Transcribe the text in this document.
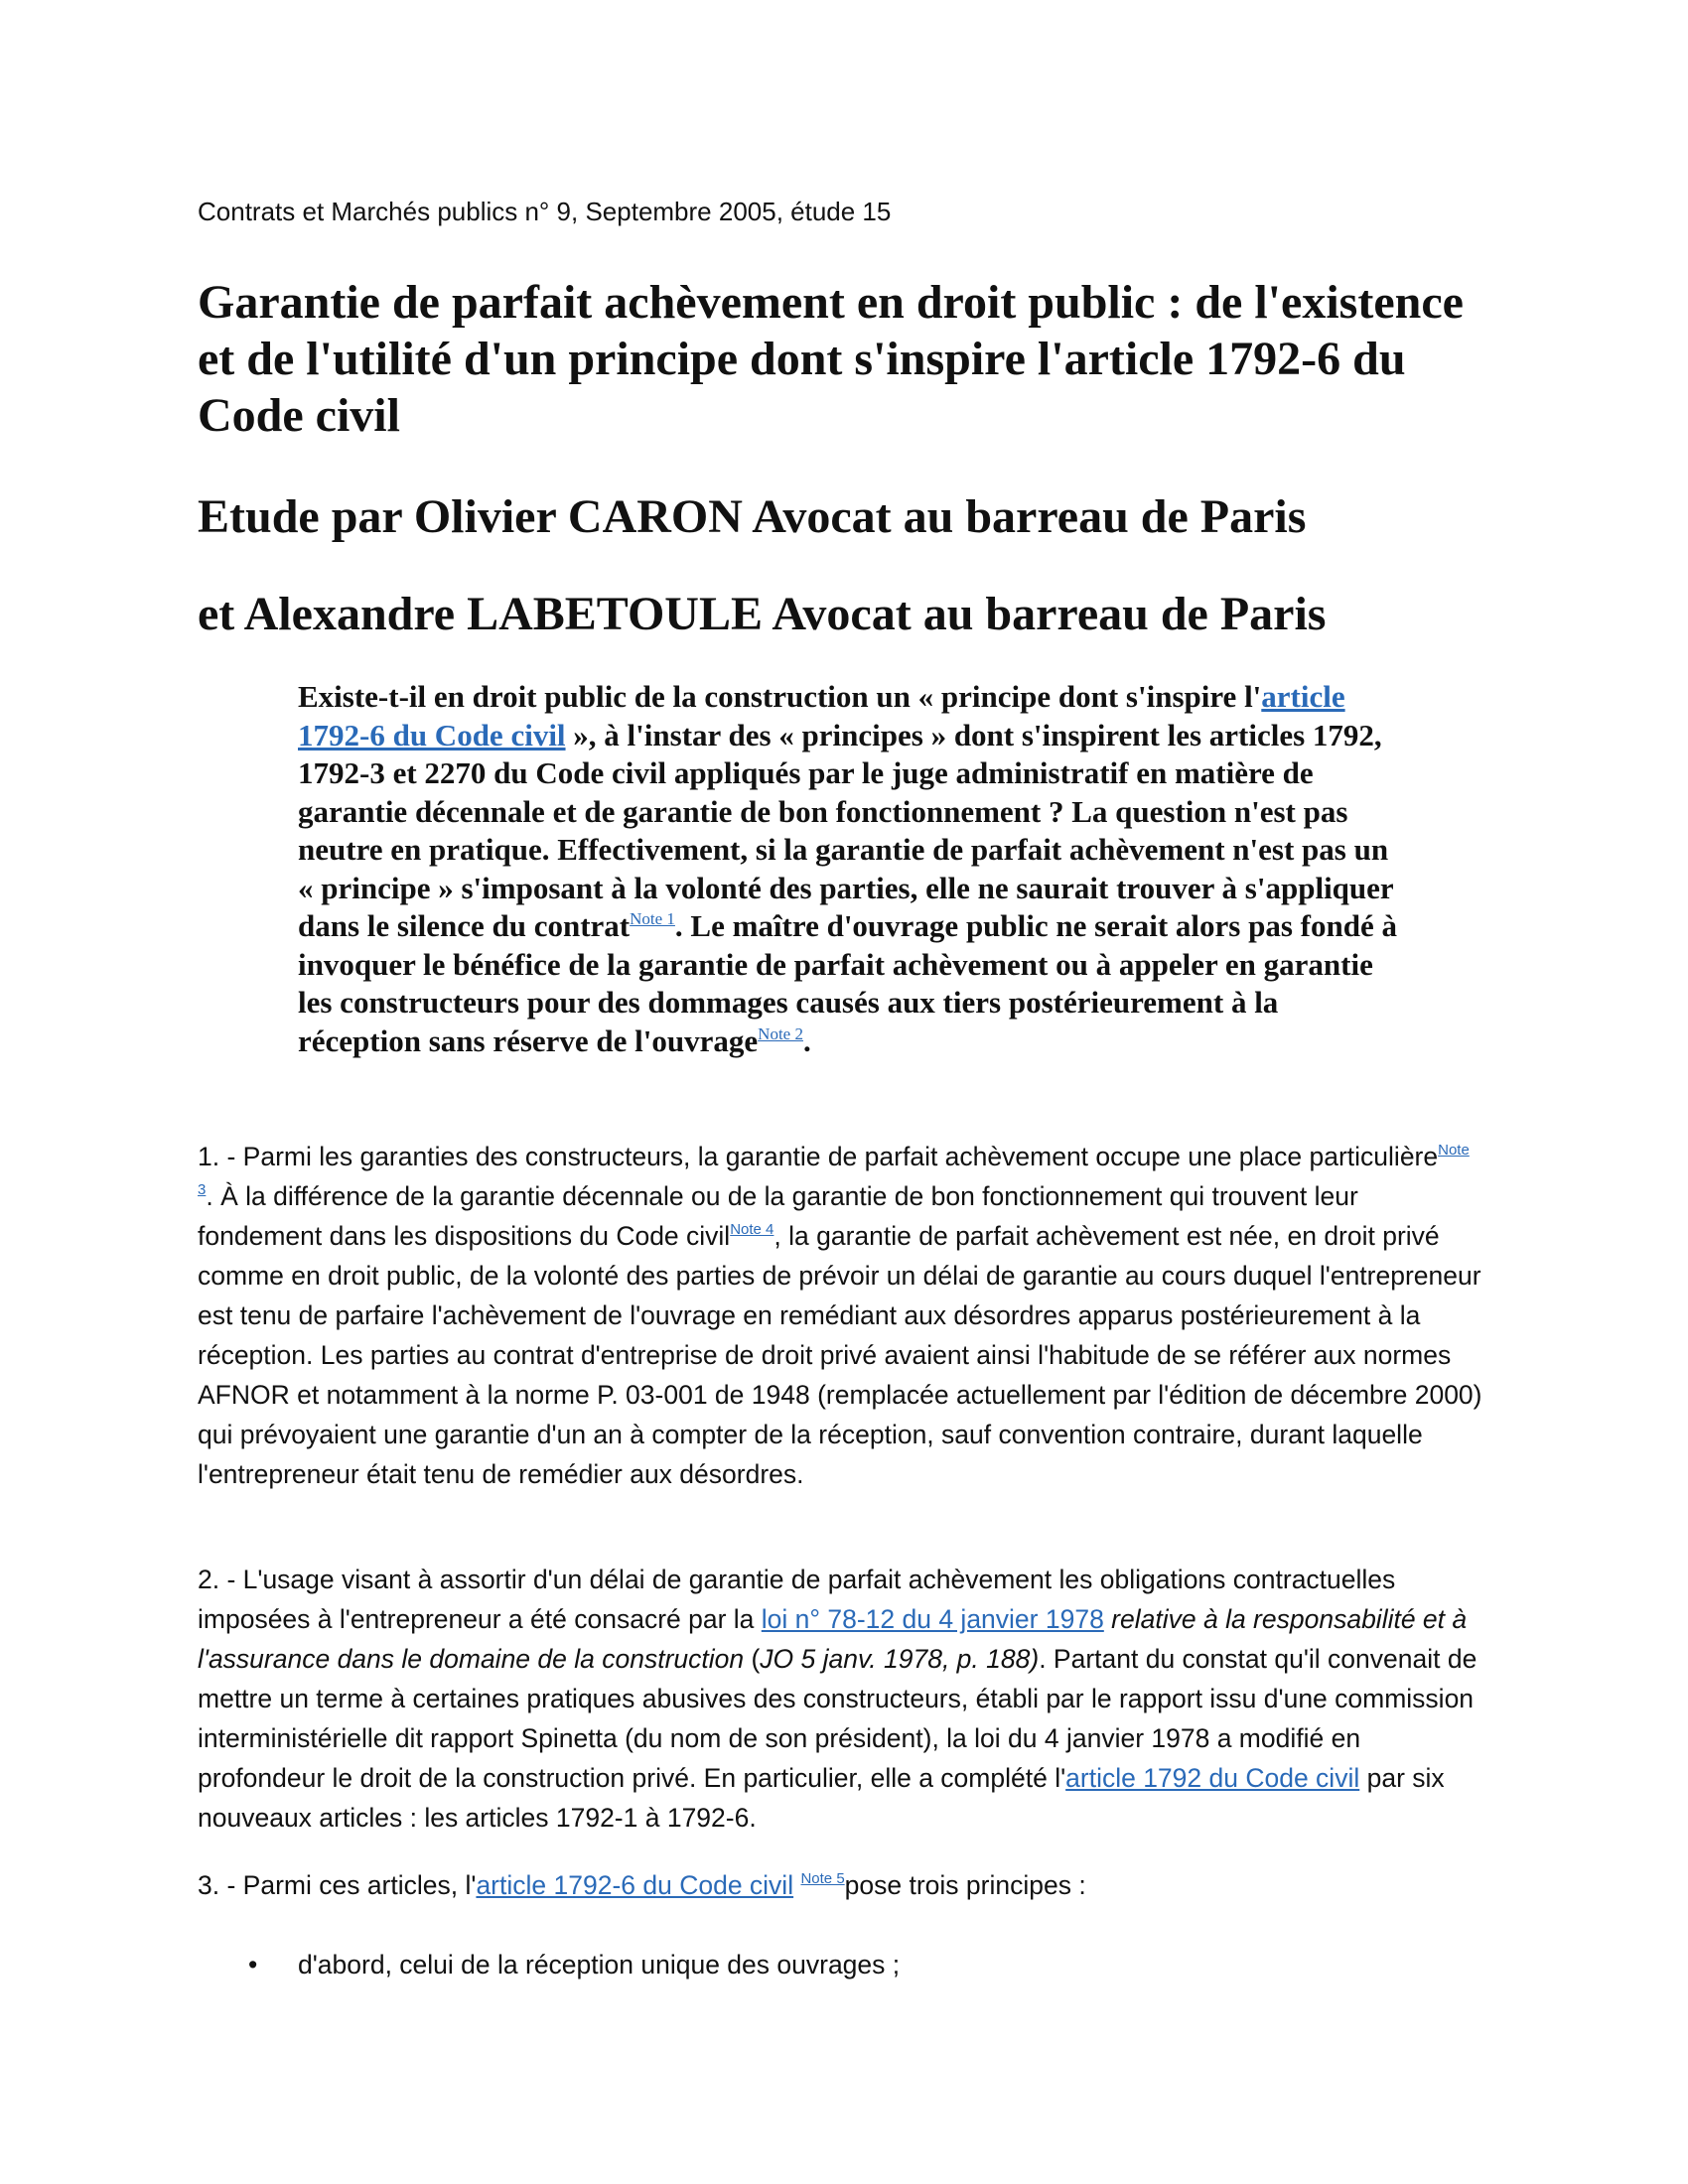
Contrats et Marchés publics n° 9, Septembre 2005, étude 15
Garantie de parfait achèvement en droit public : de l'existence et de l'utilité d'un principe dont s'inspire l'article 1792-6 du Code civil
Etude par Olivier CARON Avocat au barreau de Paris
et Alexandre LABETOULE Avocat au barreau de Paris

Existe-t-il en droit public de la construction un « principe dont s'inspire l'article 1792-6 du Code civil », à l'instar des « principes » dont s'inspirent les articles 1792, 1792-3 et 2270 du Code civil appliqués par le juge administratif en matière de garantie décennale et de garantie de bon fonctionnement ? La question n'est pas neutre en pratique. Effectivement, si la garantie de parfait achèvement n'est pas un « principe » s'imposant à la volonté des parties, elle ne saurait trouver à s'appliquer dans le silence du contrat$^{Note 1}$. Le maître d'ouvrage public ne serait alors pas fondé à invoquer le bénéfice de la garantie de parfait achèvement ou à appeler en garantie les constructeurs pour des dommages causés aux tiers postérieurement à la réception sans réserve de l'ouvrage$^{Note 2}$.

1. - Parmi les garanties des constructeurs, la garantie de parfait achèvement occupe une place particulière$^{Note 3}$. À la différence de la garantie décennale ou de la garantie de bon fonctionnement qui trouvent leur fondement dans les dispositions du Code civil$^{Note 4}$, la garantie de parfait achèvement est née, en droit privé comme en droit public, de la volonté des parties de prévoir un délai de garantie au cours duquel l'entrepreneur est tenu de parfaire l'achèvement de l'ouvrage en remédiant aux désordres apparus postérieurement à la réception. Les parties au contrat d'entreprise de droit privé avaient ainsi l'habitude de se référer aux normes AFNOR et notamment à la norme P. 03-001 de 1948 (remplacée actuellement par l'édition de décembre 2000) qui prévoyaient une garantie d'un an à compter de la réception, sauf convention contraire, durant laquelle l'entrepreneur était tenu de remédier aux désordres.

2. - L'usage visant à assortir d'un délai de garantie de parfait achèvement les obligations contractuelles imposées à l'entrepreneur a été consacré par la loi n° 78-12 du 4 janvier 1978 relative à la responsabilité et à l'assurance dans le domaine de la construction (JO 5 janv. 1978, p. 188). Partant du constat qu'il convenait de mettre un terme à certaines pratiques abusives des constructeurs, établi par le rapport issu d'une commission interministérielle dit rapport Spinetta (du nom de son président), la loi du 4 janvier 1978 a modifié en profondeur le droit de la construction privé. En particulier, elle a complété l'article 1792 du Code civil par six nouveaux articles : les articles 1792-1 à 1792-6.

3. - Parmi ces articles, l'article 1792-6 du Code civil $^{Note 5}$pose trois principes :

• d'abord, celui de la réception unique des ouvrages ;
